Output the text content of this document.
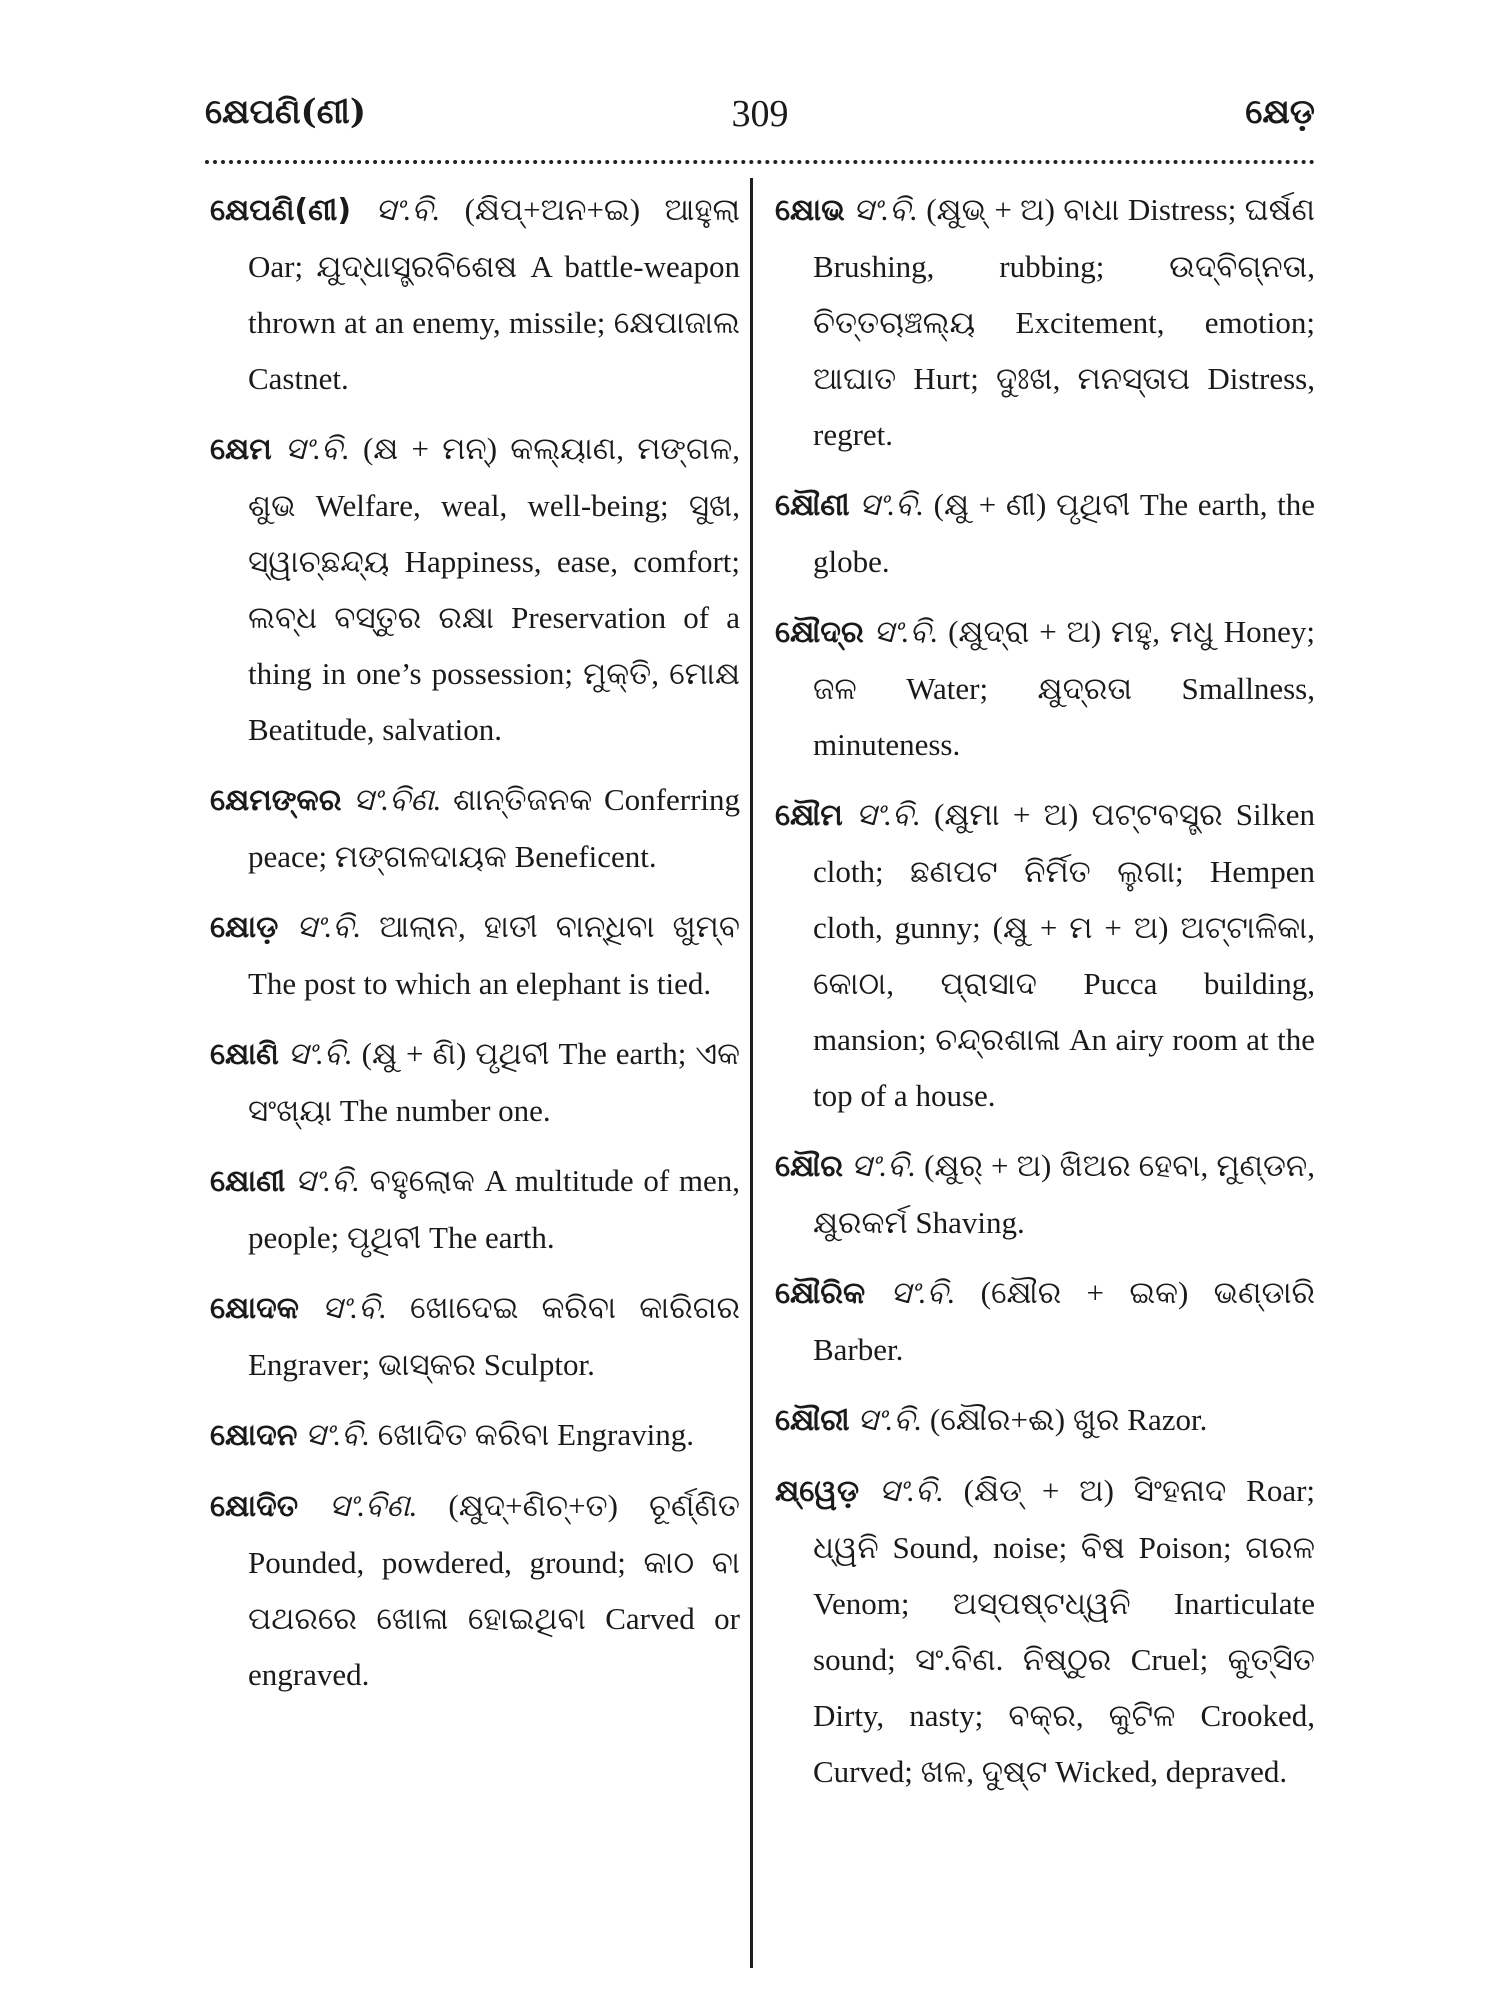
କ୍ଷେପଣି(ଣୀ)	309	କ୍ଷେଡ଼
କ୍ଷେପଣି(ଣୀ) ସଂ.ବି. (କ୍ଷିପ୍+ଅନ+ଇ) ଆହୁଲା Oar; ଯୁଦ୍ଧାସ୍ତ୍ରବିଶେଷ A battle-weapon thrown at an enemy, missile; କ୍ଷେପାଜାଲ Castnet.
କ୍ଷେମ ସଂ.ବି. (କ୍ଷ + ମନ୍) କଲ୍ୟାଣ, ମଙ୍ଗଳ, ଶୁଭ Welfare, weal, well-being; ସୁଖ, ସ୍ୱାଚ୍ଛନ୍ଦ୍ୟ Happiness, ease, comfort; ଲବ୍ଧ ବସ୍ତୁର ରକ୍ଷା Preservation of a thing in one’s possession; ମୁକ୍ତି, ମୋକ୍ଷ Beatitude, salvation.
କ୍ଷେମଙ୍କର ସଂ.ବିଣ. ଶାନ୍ତିଜନକ Conferring peace; ମଙ୍ଗଳଦାୟକ Beneficent.
କ୍ଷୋଡ଼ ସଂ.ବି. ଆଲାନ, ହାତୀ ବାନ୍ଧିବା ଖୁମ୍ବ The post to which an elephant is tied.
କ୍ଷୋଣି ସଂ.ବି. (କ୍ଷୁ + ଣି) ପୃଥିବୀ The earth; ଏକ ସଂଖ୍ୟା The number one.
କ୍ଷୋଣୀ ସଂ.ବି. ବହୁଲୋକ A multitude of men, people; ପୃଥିବୀ The earth.
କ୍ଷୋଦକ ସଂ.ବି. ଖୋଦେଇ କରିବା କାରିଗର Engraver; ଭାସ୍କର Sculptor.
କ୍ଷୋଦନ ସଂ.ବି. ଖୋଦିତ କରିବା Engraving.
କ୍ଷୋଦିତ ସଂ.ବିଣ. (କ୍ଷୁଦ୍+ଣିଚ୍+ତ) ଚୂର୍ଣ୍ଣିତ Pounded, powdered, ground; କାଠ ବା ପଥରରେ ଖୋଳା ହୋଇଥିବା Carved or engraved.
କ୍ଷୋଭ ସଂ.ବି. (କ୍ଷୁଭ୍ + ଅ) ବାଧା Distress; ଘର୍ଷଣ Brushing, rubbing; ଉଦ୍‌ବିଗ୍ନତା, ଚିତ୍ତଚାଞ୍ଚଲ୍ୟ Excitement, emotion; ଆଘାତ Hurt; ଦୁଃଖ, ମନସ୍ତାପ Distress, regret.
କ୍ଷୌଣୀ ସଂ.ବି. (କ୍ଷୁ + ଣୀ) ପୃଥିବୀ The earth, the globe.
କ୍ଷୌଦ୍ର ସଂ.ବି. (କ୍ଷୁଦ୍ରା + ଅ) ମହୁ, ମଧୁ Honey; ଜଳ Water; କ୍ଷୁଦ୍ରତା Smallness, minuteness.
କ୍ଷୌମ ସଂ.ବି. (କ୍ଷୁମା + ଅ) ପଟ୍ଟବସ୍ତ୍ର Silken cloth; ଛଣପଟ ନିର୍ମିତ ଲୁଗା; Hempen cloth, gunny; (କ୍ଷୁ + ମ + ଅ) ଅଟ୍ଟାଳିକା, କୋଠା, ପ୍ରାସାଦ Pucca building, mansion; ଚନ୍ଦ୍ରଶାଳା An airy room at the top of a house.
କ୍ଷୌର ସଂ.ବି. (କ୍ଷୁର୍ + ଅ) ଖିଅର ହେବା, ମୁଣ୍ଡନ, କ୍ଷୁରକର୍ମ Shaving.
କ୍ଷୌରିକ ସଂ.ବି. (କ୍ଷୌର + ଇକ) ଭଣ୍ଡାରି Barber.
କ୍ଷୌରୀ ସଂ.ବି. (କ୍ଷୌର+ଈ) ଖୁର Razor.
କ୍ଷ୍ୱେଡ଼ ସଂ.ବି. (କ୍ଷିଡ୍ + ଅ) ସିଂହନାଦ Roar; ଧ୍ୱନି Sound, noise; ବିଷ Poison; ଗରଳ Venom; ଅସ୍ପଷ୍ଟଧ୍ୱନି Inarticulate sound; ସଂ.ବିଣ. ନିଷ୍ଠୁର Cruel; କୁତ୍ସିତ Dirty, nasty; ବକ୍ର, କୁଟିଳ Crooked, Curved; ଖଳ, ଦୁଷ୍ଟ Wicked, depraved.
